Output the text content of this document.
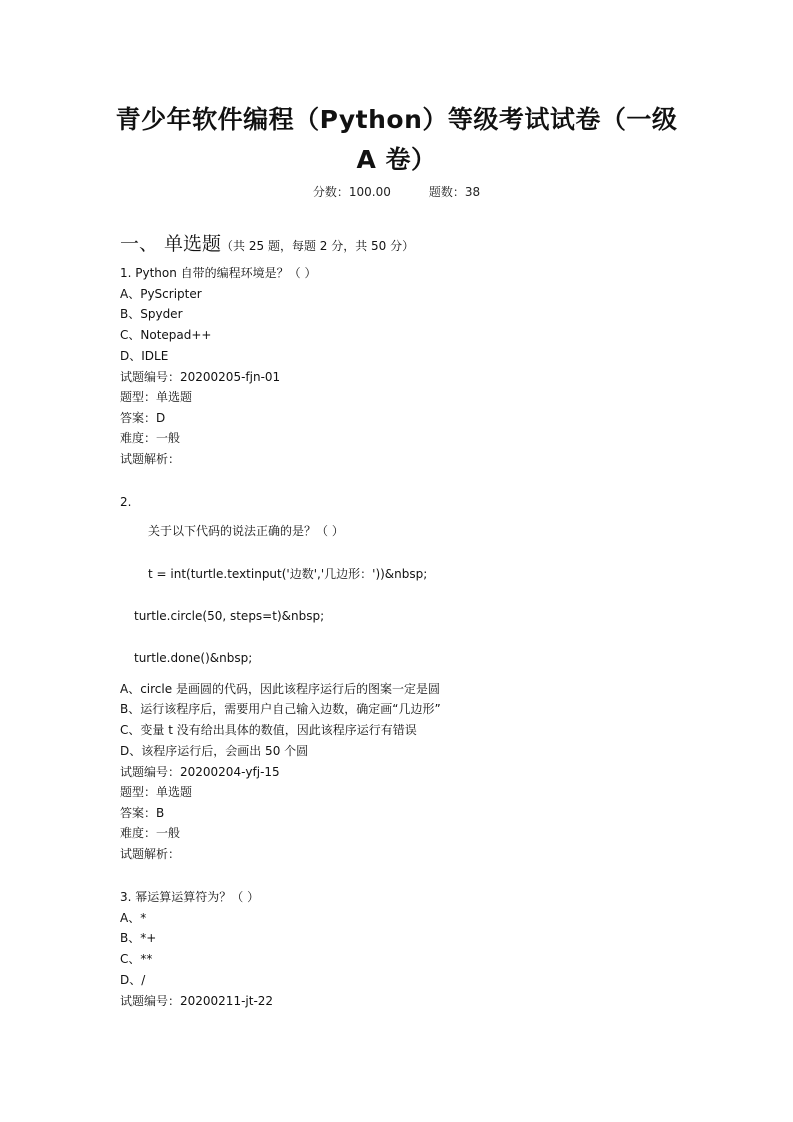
青少年软件编程（Python）等级考试试卷（一级
A 卷）
分数：100.00	题数：38
一、 单选题（共 25 题，每题 2 分，共 50 分）
1. Python 自带的编程环境是？（ ）
A、PyScripter
B、Spyder
C、Notepad++
D、IDLE
试题编号：20200205-fjn-01
题型：单选题
答案：D
难度：一般
试题解析：
2.
关于以下代码的说法正确的是？（ ）
t = int(turtle.textinput('边数','几边形：'))&nbsp;
turtle.circle(50, steps=t)&nbsp;
turtle.done()&nbsp;
A、circle 是画圆的代码，因此该程序运行后的图案一定是圆
B、运行该程序后，需要用户自己输入边数，确定画“几边形”
C、变量 t 没有给出具体的数值，因此该程序运行有错误
D、该程序运行后，会画出 50 个圆
试题编号：20200204-yfj-15
题型：单选题
答案：B
难度：一般
试题解析：
3. 幂运算运算符为？（ ）
A、*
B、*+
C、**
D、/
试题编号：20200211-jt-22
